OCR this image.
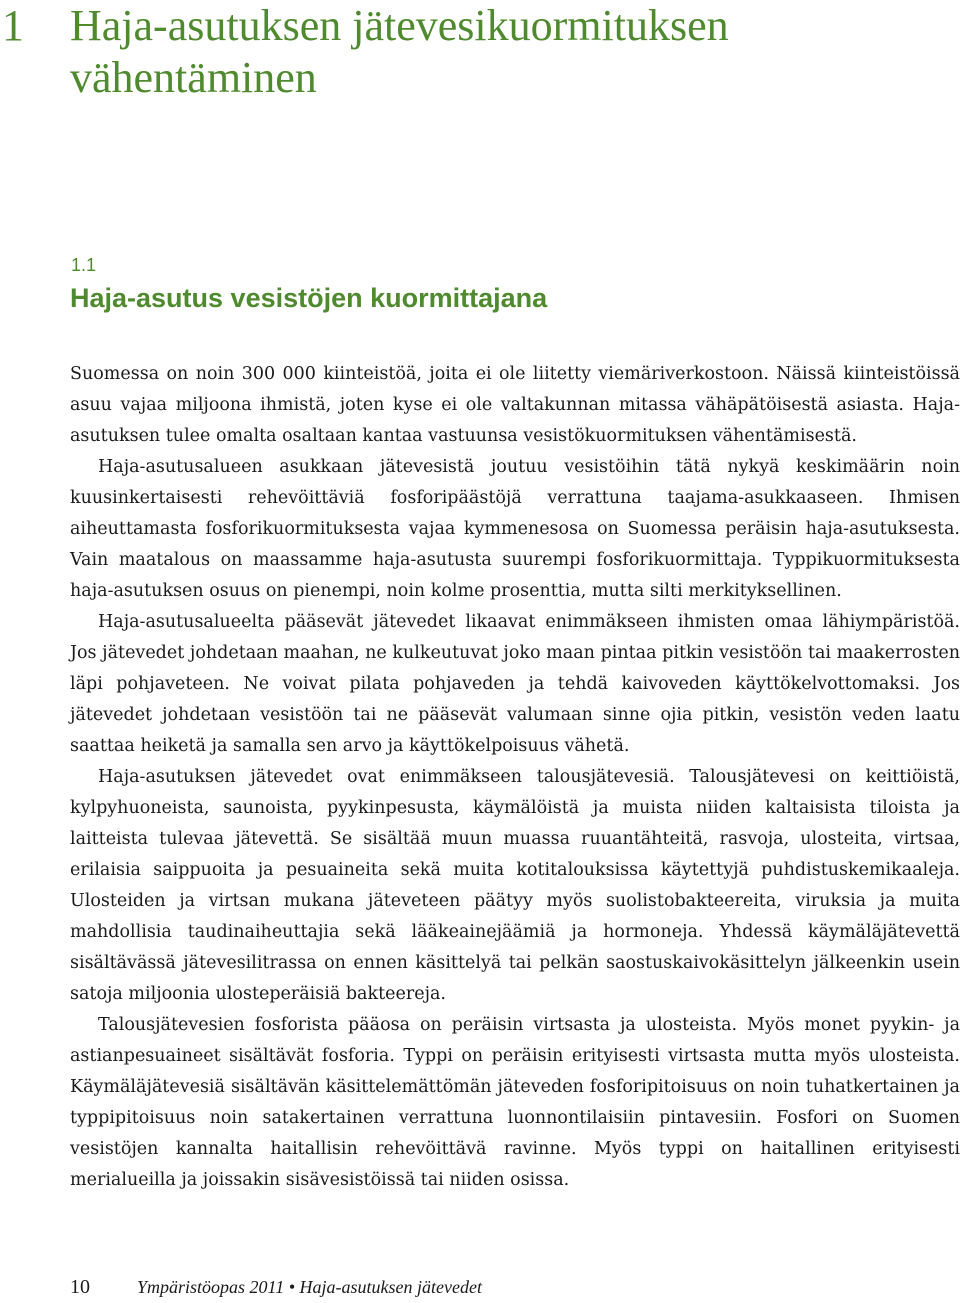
1 Haja-asutuksen jätevesikuormituksen vähentäminen
1.1
Haja-asutus vesistöjen kuormittajana

Suomessa on noin 300 000 kiinteistöä, joita ei ole liitetty viemäriverkostoon. Näissä kiinteistöissä asuu vajaa miljoona ihmistä, joten kyse ei ole valtakunnan mitassa vähäpätöisestä asiasta. Haja-asutuksen tulee omalta osaltaan kantaa vastuunsa vesistökuormituksen vähentämisestä.

Haja-asutusalueen asukkaan jätevesistä joutuu vesistöihin tätä nykyä keskimäärin noin kuusinkertaisesti rehevöittäviä fosforipäästöjä verrattuna taajama-asukkaaseen. Ihmisen aiheuttamasta fosforikuormituksesta vajaa kymmenesosa on Suomessa peräisin haja-asutuksesta. Vain maatalous on maassamme haja-asutusta suurempi fosforikuormittaja. Typpikuormituksesta haja-asutuksen osuus on pienempi, noin kolme prosenttia, mutta silti merkityksellinen.

Haja-asutusalueelta pääsevät jätevedet likaavat enimmäkseen ihmisten omaa lähiympäristöä. Jos jätevedet johdetaan maahan, ne kulkeutuvat joko maan pintaa pitkin vesistöön tai maakerrosten läpi pohjaveteen. Ne voivat pilata pohjaveden ja tehdä kaivoveden käyttökelvottomaksi. Jos jätevedet johdetaan vesistöön tai ne pääsevät valumaan sinne ojia pitkin, vesistön veden laatu saattaa heiketä ja samalla sen arvo ja käyttökelpoisuus vähetä.

Haja-asutuksen jätevedet ovat enimmäkseen talousjätevesiä. Talousjätevesi on keittiöistä, kylpyhuoneista, saunoista, pyykinpesusta, käymälöistä ja muista niiden kaltaisista tiloista ja laitteista tulevaa jätevettä. Se sisältää muun muassa ruuantähteitä, rasvoja, ulosteita, virtsaa, erilaisia saippuoita ja pesuaineita sekä muita kotitalouksissa käytettyjä puhdistuskemikaaleja. Ulosteiden ja virtsan mukana jäteveteen päätyy myös suolistobakteereita, viruksia ja muita mahdollisia taudinaiheuttajia sekä lääkeainejäämiä ja hormoneja. Yhdessä käymäläjätevettä sisältävässä jätevesilitrassa on ennen käsittelyä tai pelkän saostuskaivokäsittelyn jälkeenkin usein satoja miljoonia ulosteperäisiä bakteereja.

Talousjätevesien fosforista pääosa on peräisin virtsasta ja ulosteista. Myös monet pyykin- ja astianpesuaineet sisältävät fosforia. Typpi on peräisin erityisesti virtsasta mutta myös ulosteista. Käymäläjätevesiä sisältävän käsittelemättömän jäteveden fosforipitoisuus on noin tuhatkertainen ja typpipitoisuus noin satakertainen verrattuna luonnontilaisiin pintavesiin. Fosfori on Suomen vesistöjen kannalta haitallisin rehevöittävä ravinne. Myös typpi on haitallinen erityisesti merialueilla ja joissakin sisävesistöissä tai niiden osissa.

10	Ympäristöopas 2011 • Haja-asutuksen jätevedet
